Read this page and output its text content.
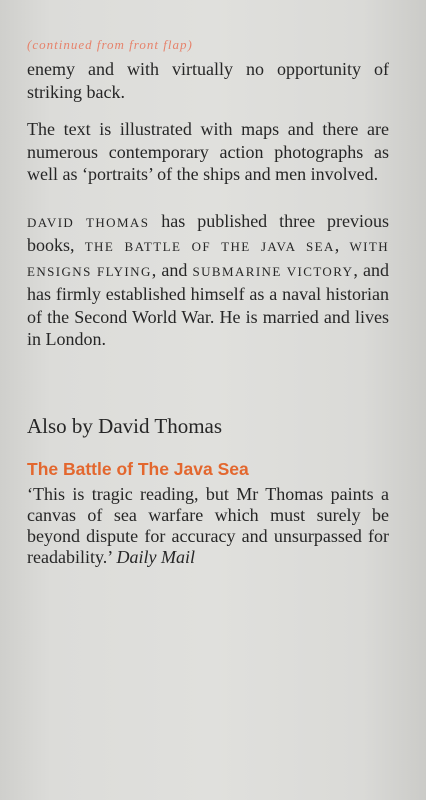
(continued from front flap)

enemy and with virtually no opportunity of striking back.

The text is illustrated with maps and there are numerous contemporary action photographs as well as ‘portraits’ of the ships and men involved.

DAVID THOMAS has published three previous books, THE BATTLE OF THE JAVA SEA, WITH ENSIGNS FLYING, and SUBMARINE VICTORY, and has firmly established himself as a naval historian of the Second World War. He is married and lives in London.

Also by David Thomas
The Battle of The Java Sea

‘This is tragic reading, but Mr Thomas paints a canvas of sea warfare which must surely be beyond dispute for accuracy and unsurpassed for readability.’ Daily Mail
